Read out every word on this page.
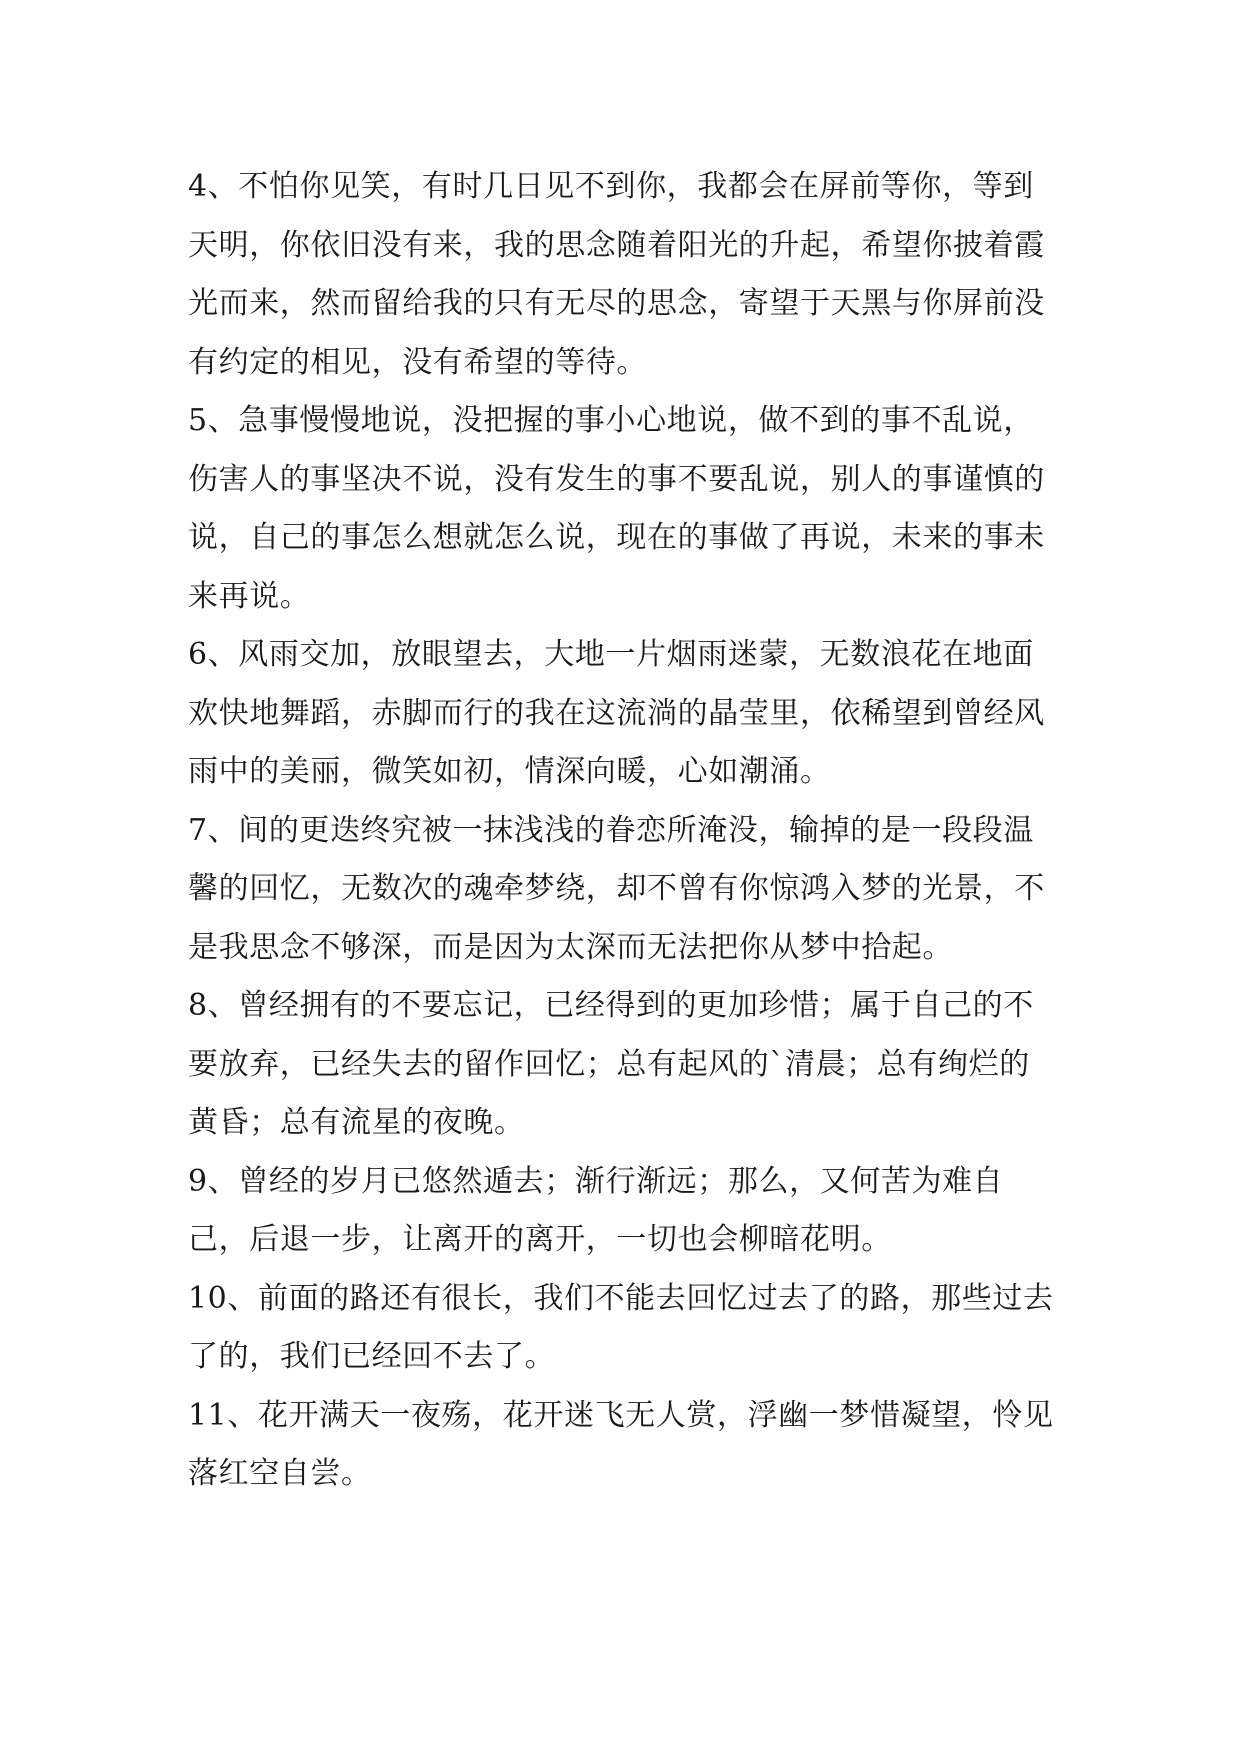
4、不怕你见笑，有时几日见不到你，我都会在屏前等你，等到天明，你依旧没有来，我的思念随着阳光的升起，希望你披着霞光而来，然而留给我的只有无尽的思念，寄望于天黑与你屏前没有约定的相见，没有希望的等待。

5、急事慢慢地说，没把握的事小心地说，做不到的事不乱说，伤害人的事坚决不说，没有发生的事不要乱说，别人的事谨慎的说，自己的事怎么想就怎么说，现在的事做了再说，未来的事未来再说。

6、风雨交加，放眼望去，大地一片烟雨迷蒙，无数浪花在地面欢快地舞蹈，赤脚而行的我在这流淌的晶莹里，依稀望到曾经风雨中的美丽，微笑如初，情深向暖，心如潮涌。

7、间的更迭终究被一抹浅浅的眷恋所淹没，输掉的是一段段温馨的回忆，无数次的魂牵梦绕，却不曾有你惊鸿入梦的光景，不是我思念不够深，而是因为太深而无法把你从梦中拾起。

8、曾经拥有的不要忘记，已经得到的更加珍惜；属于自己的不要放弃，已经失去的留作回忆；总有起风的`清晨；总有绚烂的黄昏；总有流星的夜晚。

9、曾经的岁月已悠然遁去；渐行渐远；那么，又何苦为难自己，后退一步，让离开的离开，一切也会柳暗花明。

10、前面的路还有很长，我们不能去回忆过去了的路，那些过去了的，我们已经回不去了。

11、花开满天一夜殇，花开迷飞无人赏，浮幽一梦惜凝望，怜见落红空自尝。
